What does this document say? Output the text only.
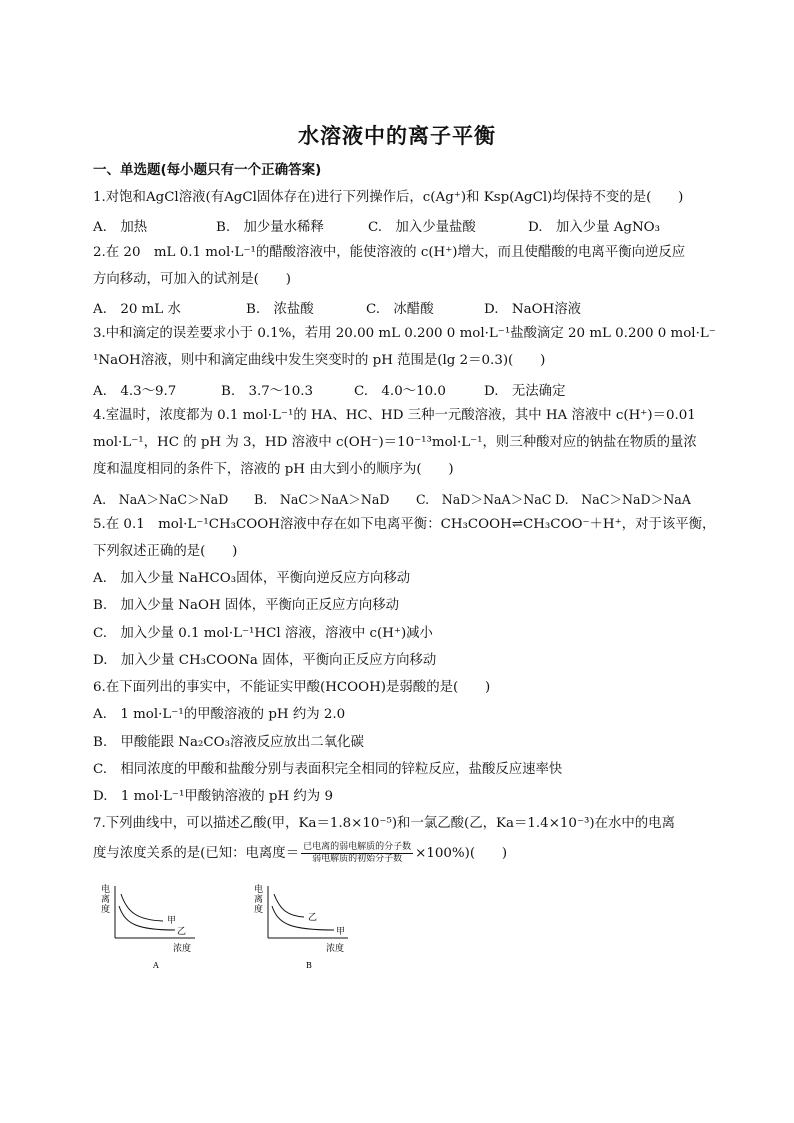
水溶液中的离子平衡
一、单选题(每小题只有一个正确答案)
1.对饱和AgCl溶液(有AgCl固体存在)进行下列操作后，c(Ag⁺)和 Ksp(AgCl)均保持不变的是(　　)
A.　加热	B.　加少量水稀释	C.　加入少量盐酸	D.　加入少量 AgNO₃
2.在 20　mL 0.1 mol·L⁻¹的醋酸溶液中，能使溶液的 c(H⁺)增大，而且使醋酸的电离平衡向逆反应
方向移动，可加入的试剂是(　　)
A.　20 mL 水	B.　浓盐酸	C.　冰醋酸	D.　NaOH溶液
3.中和滴定的误差要求小于 0.1%，若用 20.00 mL 0.200 0 mol·L⁻¹盐酸滴定 20 mL 0.200 0 mol·L⁻
¹NaOH溶液，则中和滴定曲线中发生突变时的 pH 范围是(lg 2＝0.3)(　　)
A.　4.3～9.7	B.　3.7～10.3	C.　4.0～10.0	D.　无法确定
4.室温时，浓度都为 0.1 mol·L⁻¹的 HA、HC、HD 三种一元酸溶液，其中 HA 溶液中 c(H⁺)＝0.01
mol·L⁻¹，HC 的 pH 为 3，HD 溶液中 c(OH⁻)＝10⁻¹³mol·L⁻¹，则三种酸对应的钠盐在物质的量浓
度和温度相同的条件下，溶液的 pH 由大到小的顺序为(　　)
A.　NaA＞NaC＞NaD B.　NaC＞NaA＞NaD C.　NaD＞NaA＞NaC D.　NaC＞NaD＞NaA
5.在 0.1　mol·L⁻¹CH₃COOH溶液中存在如下电离平衡：CH₃COOH⇌CH₃COO⁻＋H⁺，对于该平衡，
下列叙述正确的是(　　)
A.　加入少量 NaHCO₃固体，平衡向逆反应方向移动
B.　加入少量 NaOH 固体，平衡向正反应方向移动
C.　加入少量 0.1 mol·L⁻¹HCl 溶液，溶液中 c(H⁺)减小
D.　加入少量 CH₃COONa 固体，平衡向正反应方向移动
6.在下面列出的事实中，不能证实甲酸(HCOOH)是弱酸的是(　　)
A.　1 mol·L⁻¹的甲酸溶液的 pH 约为 2.0
B.　甲酸能跟 Na₂CO₃溶液反应放出二氧化碳
C.　相同浓度的甲酸和盐酸分别与表面积完全相同的锌粒反应，盐酸反应速率快
D.　1 mol·L⁻¹甲酸钠溶液的 pH 约为 9
7.下列曲线中，可以描述乙酸(甲，Ka＝1.8×10⁻⁵)和一氯乙酸(乙，Ka＝1.4×10⁻³)在水中的电离
度与浓度关系的是(已知：电离度＝ $\frac{\text{已电离的弱电解质的分子数}}{\text{弱电解质的初始分子数}} \times 100\%$)(　　)
电
离
度
甲
乙
浓度
A
电
离
度
乙
甲
浓度
B
